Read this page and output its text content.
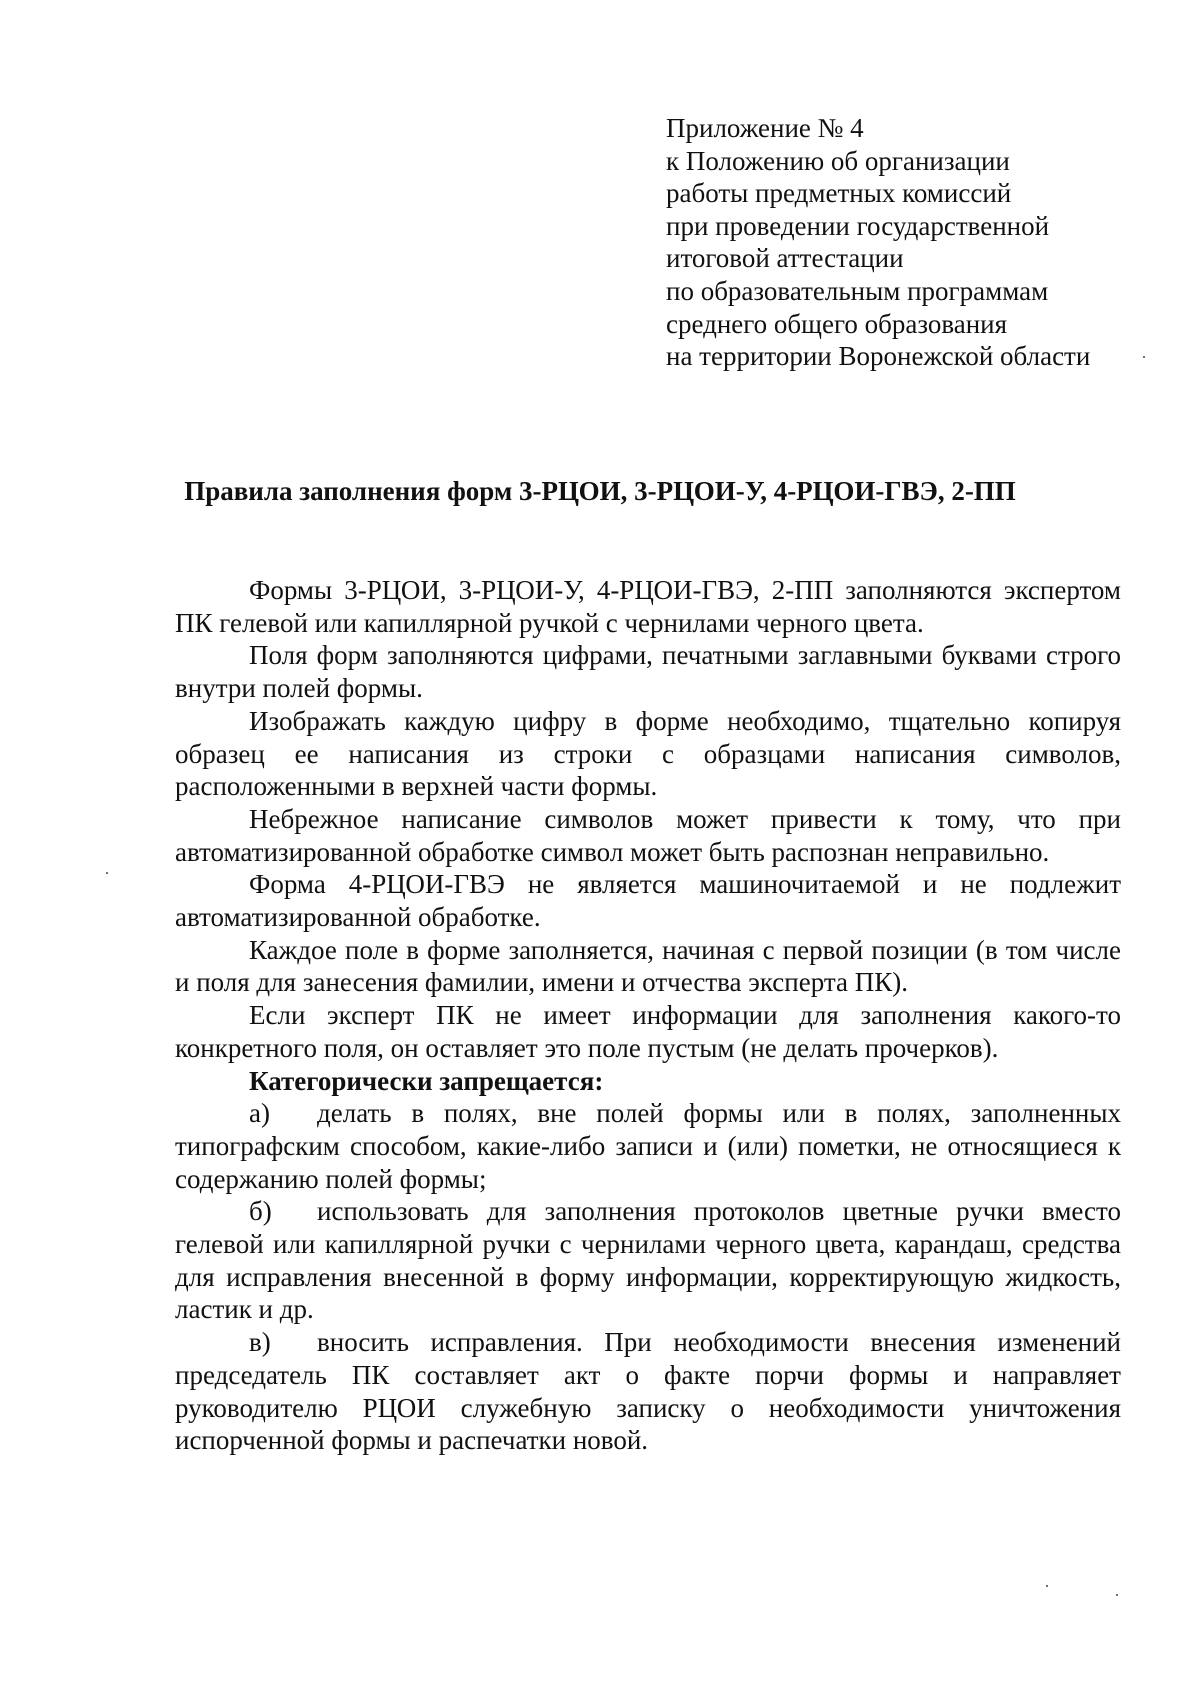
Приложение № 4
к Положению об организации
работы предметных комиссий
при проведении государственной
итоговой аттестации
по образовательным программам
среднего общего образования
на территории Воронежской области
Правила заполнения форм 3-РЦОИ, 3-РЦОИ-У, 4-РЦОИ-ГВЭ, 2-ПП

Формы 3-РЦОИ, 3-РЦОИ-У, 4-РЦОИ-ГВЭ, 2-ПП заполняются экспертом ПК гелевой или капиллярной ручкой с чернилами черного цвета.

Поля форм заполняются цифрами, печатными заглавными буквами строго внутри полей формы.

Изображать каждую цифру в форме необходимо, тщательно копируя образец ее написания из строки с образцами написания символов, расположенными в верхней части формы.

Небрежное написание символов может привести к тому, что при автоматизированной обработке символ может быть распознан неправильно.

Форма 4-РЦОИ-ГВЭ не является машиночитаемой и не подлежит автоматизированной обработке.

Каждое поле в форме заполняется, начиная с первой позиции (в том числе и поля для занесения фамилии, имени и отчества эксперта ПК).

Если эксперт ПК не имеет информации для заполнения какого-то конкретного поля, он оставляет это поле пустым (не делать прочерков).

Категорически запрещается:

а) делать в полях, вне полей формы или в полях, заполненных типографским способом, какие-либо записи и (или) пометки, не относящиеся к содержанию полей формы;

б) использовать для заполнения протоколов цветные ручки вместо гелевой или капиллярной ручки с чернилами черного цвета, карандаш, средства для исправления внесенной в форму информации, корректирующую жидкость, ластик и др.

в) вносить исправления. При необходимости внесения изменений председатель ПК составляет акт о факте порчи формы и направляет руководителю РЦОИ служебную записку о необходимости уничтожения испорченной формы и распечатки новой.
